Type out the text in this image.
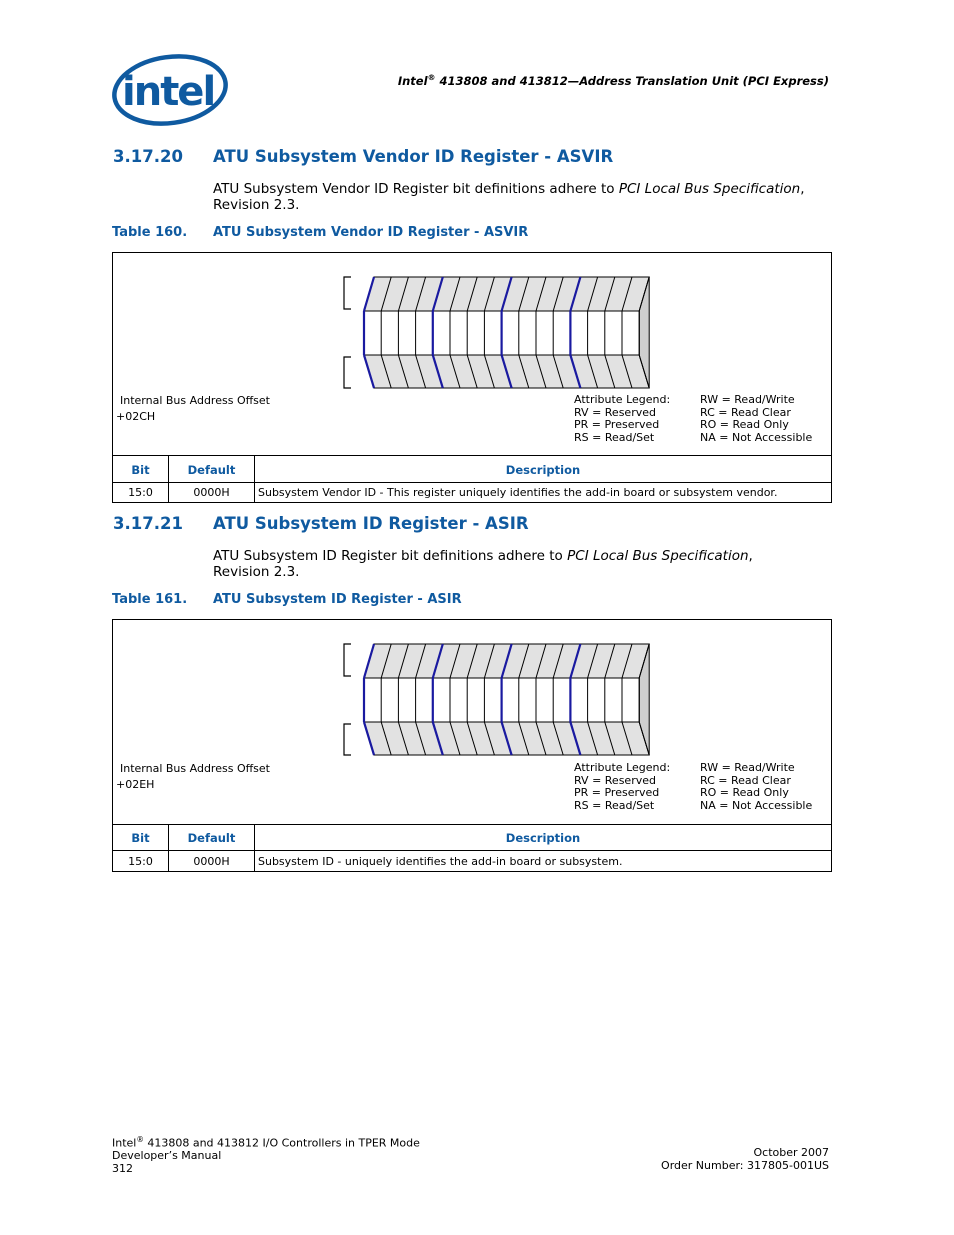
intel	Intel® 413808 and 413812—Address Translation Unit (PCI Express)
3.17.20 ATU Subsystem Vendor ID Register - ASVIR
ATU Subsystem Vendor ID Register bit definitions adhere to PCI Local Bus Specification,
Revision 2.3.
Table 160. ATU Subsystem Vendor ID Register - ASVIR
Internal Bus Address Offset
+02CH
Attribute Legend:
RV = Reserved
PR = Preserved
RS = Read/Set
RW = Read/Write
RC = Read Clear
RO = Read Only
NA = Not Accessible
Bit	Default	Description
15:0	0000H	Subsystem Vendor ID - This register uniquely identifies the add-in board or subsystem vendor.
3.17.21 ATU Subsystem ID Register - ASIR
ATU Subsystem ID Register bit definitions adhere to PCI Local Bus Specification,
Revision 2.3.
Table 161. ATU Subsystem ID Register - ASIR
Internal Bus Address Offset
+02EH
Attribute Legend:
RV = Reserved
PR = Preserved
RS = Read/Set
RW = Read/Write
RC = Read Clear
RO = Read Only
NA = Not Accessible
Bit	Default	Description
15:0	0000H	Subsystem ID - uniquely identifies the add-in board or subsystem.
Intel® 413808 and 413812 I/O Controllers in TPER Mode
Developer’s Manual
312
October 2007
Order Number: 317805-001US
